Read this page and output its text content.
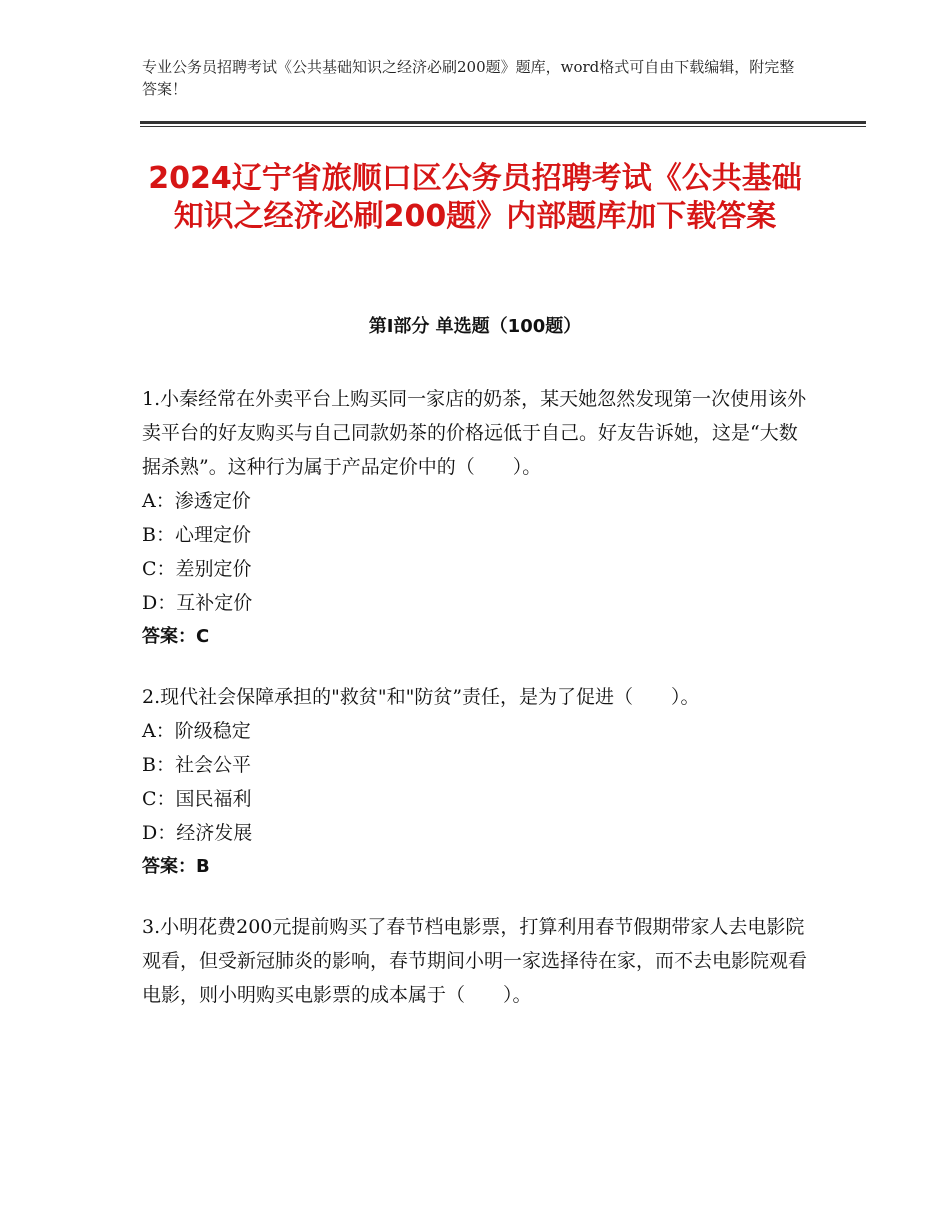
专业公务员招聘考试《公共基础知识之经济必刷200题》题库，word格式可自由下载编辑，附完整答案！
2024辽宁省旅顺口区公务员招聘考试《公共基础知识之经济必刷200题》内部题库加下载答案
第Ⅰ部分 单选题（100题）
1.小秦经常在外卖平台上购买同一家店的奶茶，某天她忽然发现第一次使用该外卖平台的好友购买与自己同款奶茶的价格远低于自己。好友告诉她，这是“大数据杀熟”。这种行为属于产品定价中的（　　）。
A：渗透定价
B：心理定价
C：差别定价
D：互补定价
答案：C
2.现代社会保障承担的"救贫"和"防贫”责任，是为了促进（　　）。
A：阶级稳定
B：社会公平
C：国民福利
D：经济发展
答案：B
3.小明花费200元提前购买了春节档电影票，打算利用春节假期带家人去电影院观看，但受新冠肺炎的影响，春节期间小明一家选择待在家，而不去电影院观看电影，则小明购买电影票的成本属于（　　）。
